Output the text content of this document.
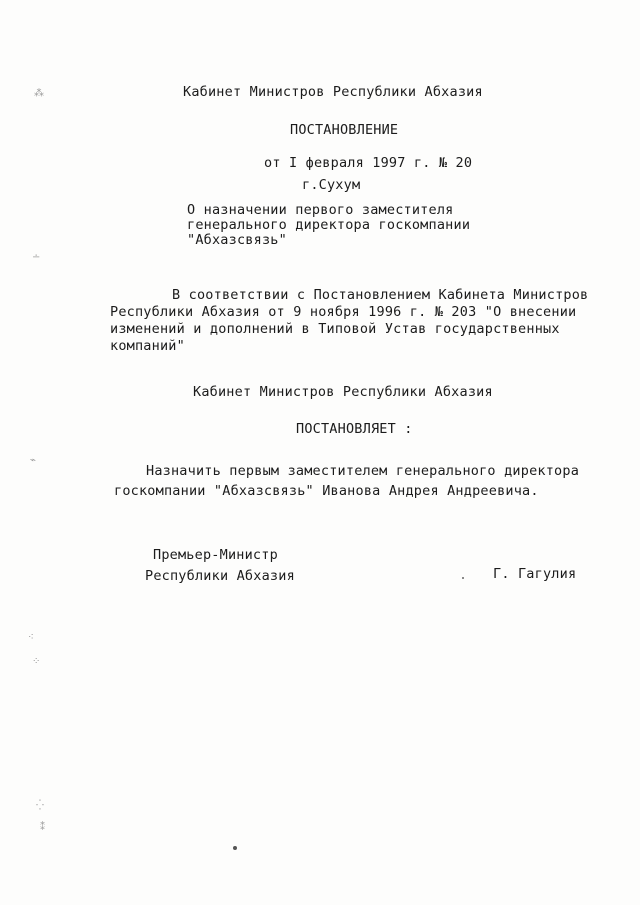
⁂
∸
⌁
⁖
⁘
⁛
⁑
Кабинет Министров Республики Абхазия
ПОСТАНОВЛЕНИЕ
от I февраля 1997 г. № 20
г.Сухум
О назначении первого заместителя
генерального директора госкомпании
"Абхазсвязь"
В соответствии с Постановлением Кабинета Министров
Республики Абхазия от 9 ноября 1996 г. № 203 "О внесении
изменений и дополнений в Типовой Устав государственных
компаний"
Кабинет Министров Республики Абхазия
ПОСТАНОВЛЯЕТ :
Назначить первым заместителем генерального директора
госкомпании "Абхазсвязь" Иванова Андрея Андреевича.
Премьер-Министр
Республики Абхазия	Г. Гагулия
